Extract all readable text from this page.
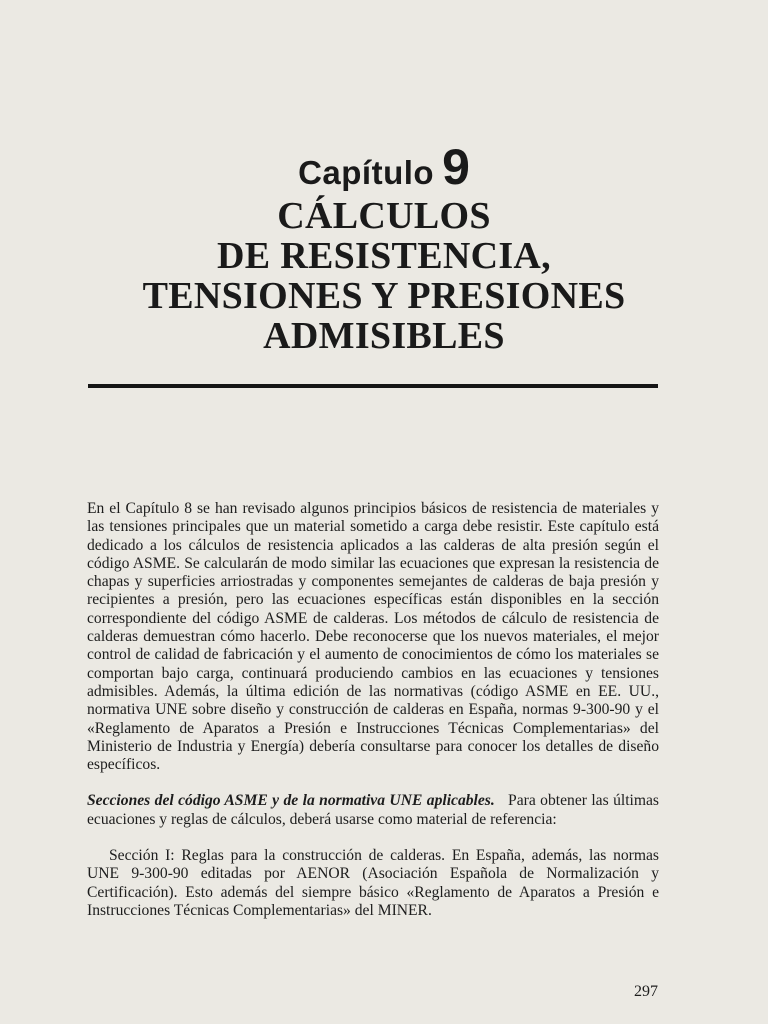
Capítulo 9
CÁLCULOS
DE RESISTENCIA,
TENSIONES Y PRESIONES
ADMISIBLES

En el Capítulo 8 se han revisado algunos principios básicos de resistencia de materiales y las tensiones principales que un material sometido a carga debe resistir. Este capítulo está dedicado a los cálculos de resistencia aplicados a las calderas de alta presión según el código ASME. Se calcularán de modo similar las ecuaciones que expresan la resistencia de chapas y superficies arriostradas y componentes semejantes de calderas de baja presión y recipientes a presión, pero las ecuaciones específicas están disponibles en la sección correspondiente del código ASME de calderas. Los métodos de cálculo de resistencia de calderas demuestran cómo hacerlo. Debe reconocerse que los nuevos materiales, el mejor control de calidad de fabricación y el aumento de conocimientos de cómo los materiales se comportan bajo carga, continuará produciendo cambios en las ecuaciones y tensiones admisibles. Además, la última edición de las normativas (código ASME en EE. UU., normativa UNE sobre diseño y construcción de calderas en España, normas 9-300-90 y el «Reglamento de Aparatos a Presión e Instrucciones Técnicas Complementarias» del Ministerio de Industria y Energía) debería consultarse para conocer los detalles de diseño específicos.

Secciones del código ASME y de la normativa UNE aplicables. Para obtener las últimas ecuaciones y reglas de cálculos, deberá usarse como material de referencia:

Sección I: Reglas para la construcción de calderas. En España, además, las normas UNE 9-300-90 editadas por AENOR (Asociación Española de Normalización y Certificación). Esto además del siempre básico «Reglamento de Aparatos a Presión e Instrucciones Técnicas Complementarias» del MINER.

297
